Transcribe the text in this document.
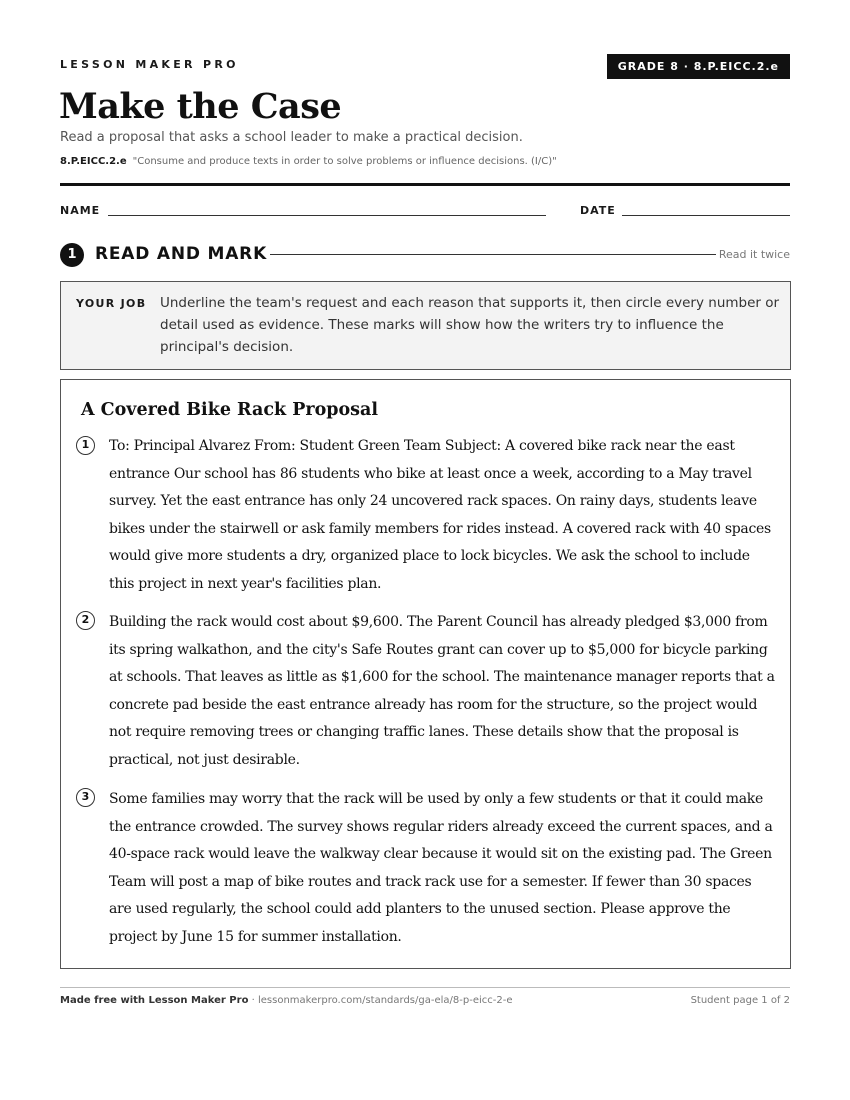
LESSON MAKER PRO	GRADE 8 · 8.P.EICC.2.e
Make the Case
Read a proposal that asks a school leader to make a practical decision.
8.P.EICC.2.e "Consume and produce texts in order to solve problems or influence decisions. (I/C)"
NAME	DATE
1	READ AND MARK	Read it twice
YOUR JOB Underline the team's request and each reason that supports it, then circle every number or detail used as evidence. These marks will show how the writers try to influence the principal's decision.
A Covered Bike Rack Proposal
1	To: Principal Alvarez From: Student Green Team Subject: A covered bike rack near the east entrance Our school has 86 students who bike at least once a week, according to a May travel survey. Yet the east entrance has only 24 uncovered rack spaces. On rainy days, students leave bikes under the stairwell or ask family members for rides instead. A covered rack with 40 spaces would give more students a dry, organized place to lock bicycles. We ask the school to include this project in next year's facilities plan.

2	Building the rack would cost about $9,600. The Parent Council has already pledged $3,000 from its spring walkathon, and the city's Safe Routes grant can cover up to $5,000 for bicycle parking at schools. That leaves as little as $1,600 for the school. The maintenance manager reports that a concrete pad beside the east entrance already has room for the structure, so the project would not require removing trees or changing traffic lanes. These details show that the proposal is practical, not just desirable.

3	Some families may worry that the rack will be used by only a few students or that it could make the entrance crowded. The survey shows regular riders already exceed the current spaces, and a 40-space rack would leave the walkway clear because it would sit on the existing pad. The Green Team will post a map of bike routes and track rack use for a semester. If fewer than 30 spaces are used regularly, the school could add planters to the unused section. Please approve the project by June 15 for summer installation.

Made free with Lesson Maker Pro · lessonmakerpro.com/standards/ga-ela/8-p-eicc-2-e	Student page 1 of 2
